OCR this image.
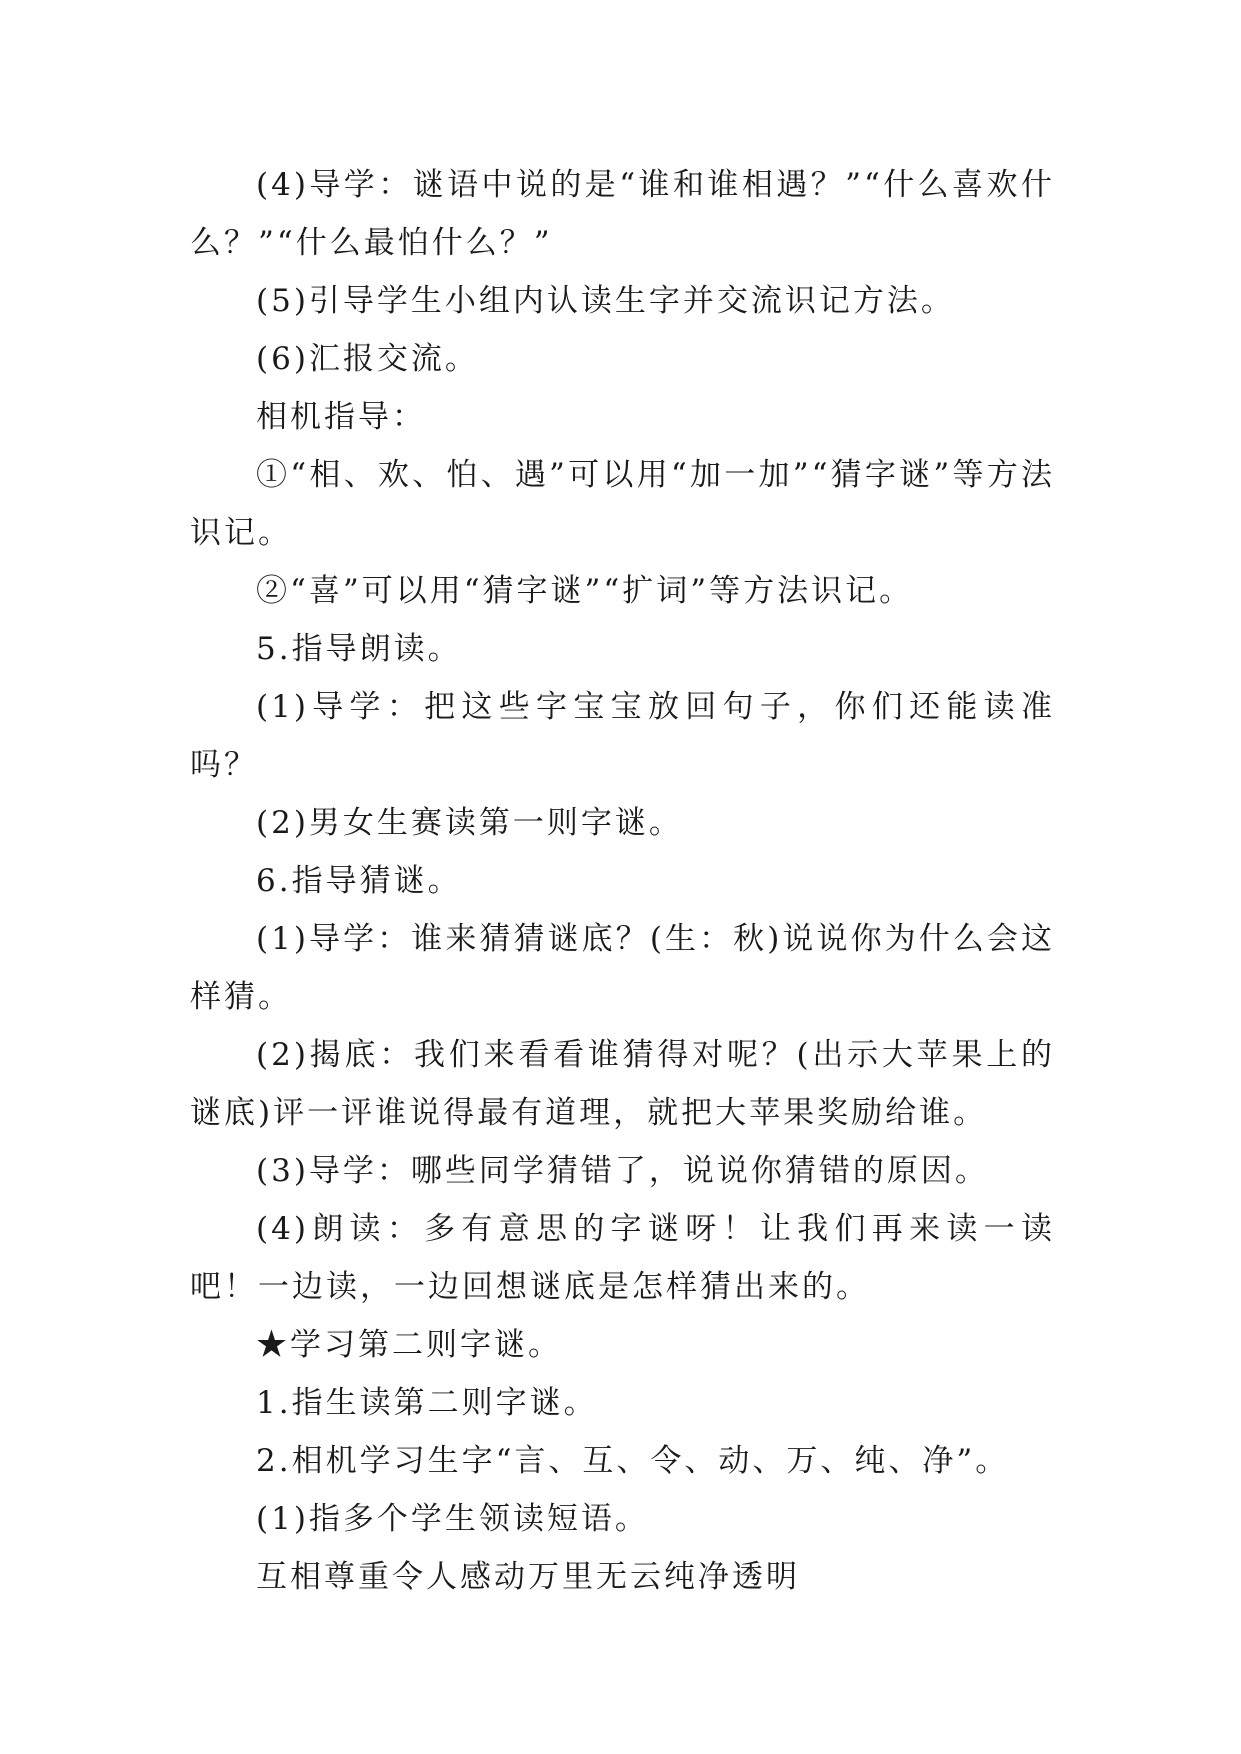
(4)导学：谜语中说的是“谁和谁相遇？”“什么喜欢什么？”“什么最怕什么？”

(5)引导学生小组内认读生字并交流识记方法。

(6)汇报交流。

相机指导：

①“相、欢、怕、遇”可以用“加一加”“猜字谜”等方法识记。

②“喜”可以用“猜字谜”“扩词”等方法识记。

5.指导朗读。

(1)导学：把这些字宝宝放回句子，你们还能读准吗？

(2)男女生赛读第一则字谜。

6.指导猜谜。

(1)导学：谁来猜猜谜底？(生：秋)说说你为什么会这样猜。

(2)揭底：我们来看看谁猜得对呢？(出示大苹果上的谜底)评一评谁说得最有道理，就把大苹果奖励给谁。

(3)导学：哪些同学猜错了，说说你猜错的原因。

(4)朗读：多有意思的字谜呀！让我们再来读一读吧！一边读，一边回想谜底是怎样猜出来的。

★学习第二则字谜。

1.指生读第二则字谜。

2.相机学习生字“言、互、令、动、万、纯、净”。

(1)指多个学生领读短语。

互相尊重令人感动万里无云纯净透明
